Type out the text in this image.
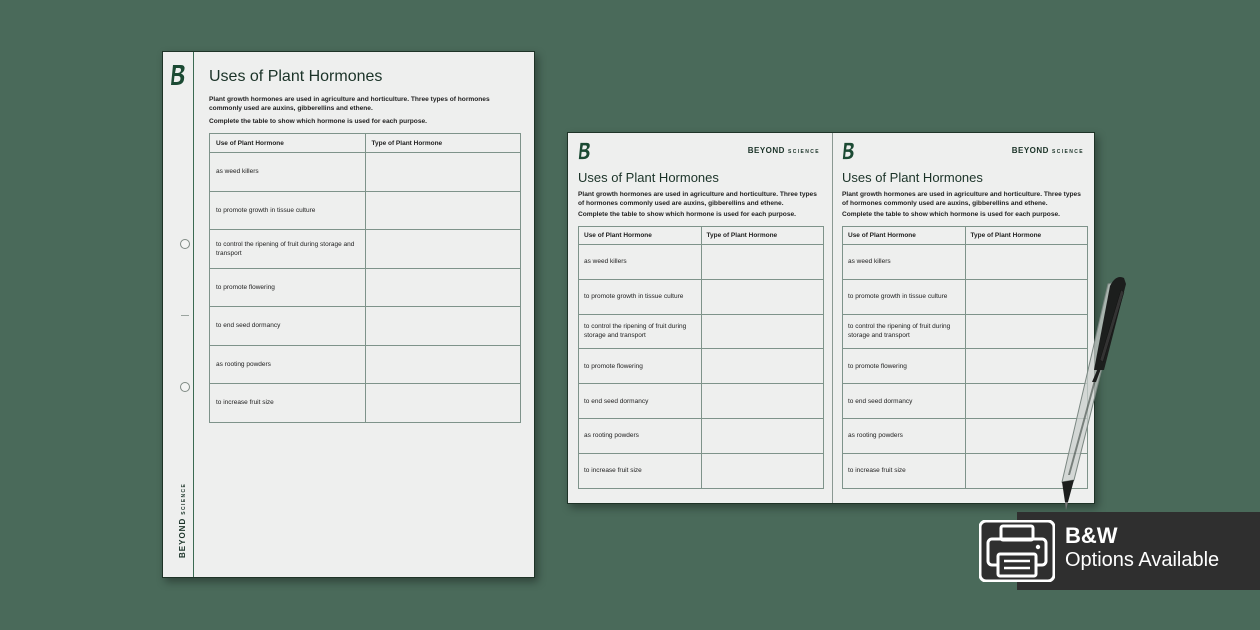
BEYONDSCIENCE
Uses of Plant Hormones

Plant growth hormones are used in agriculture and horticulture. Three types of hormones commonly used are auxins, gibberellins and ethene.

Complete the table to show which hormone is used for each purpose.

Use of Plant Hormone	Type of Plant Hormone
as weed killers	
to promote growth in tissue culture	
to control the ripening of fruit during storage and transport	
to promote flowering	
to end seed dormancy	
as rooting powders	
to increase fruit size	
BEYOND SCIENCE
Uses of Plant Hormones

Plant growth hormones are used in agriculture and horticulture. Three types of hormones commonly used are auxins, gibberellins and ethene.

Complete the table to show which hormone is used for each purpose.

Use of Plant Hormone	Type of Plant Hormone
as weed killers	
to promote growth in tissue culture	
to control the ripening of fruit during storage and transport	
to promote flowering	
to end seed dormancy	
as rooting powders	
to increase fruit size	
BEYOND SCIENCE
Uses of Plant Hormones

Plant growth hormones are used in agriculture and horticulture. Three types of hormones commonly used are auxins, gibberellins and ethene.

Complete the table to show which hormone is used for each purpose.

Use of Plant Hormone	Type of Plant Hormone
as weed killers	
to promote growth in tissue culture	
to control the ripening of fruit during storage and transport	
to promote flowering	
to end seed dormancy	
as rooting powders	
to increase fruit size	
B&W
Options Available
